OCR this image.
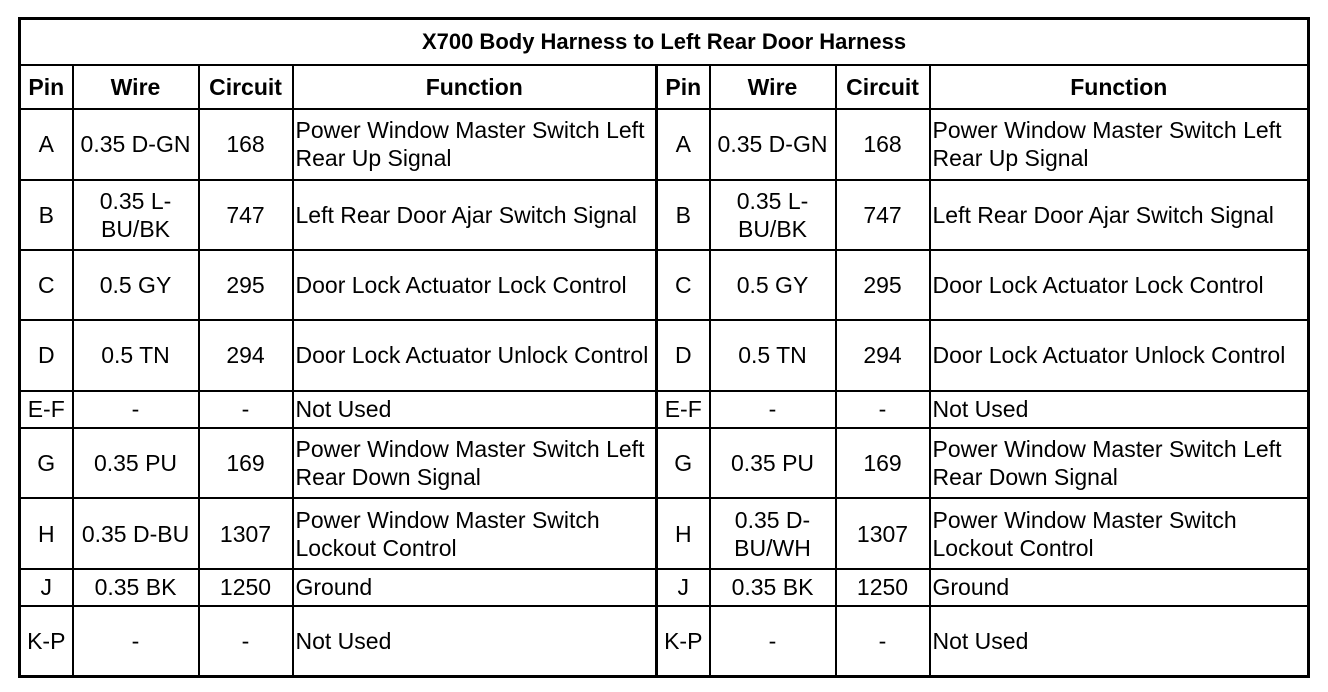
X700 Body Harness to Left Rear Door Harness							
Pin	Wire	Circuit	Function	Pin	Wire	Circuit	Function
A	0.35 D-GN	168	Power Window Master Switch Left Rear Up Signal	A	0.35 D-GN	168	Power Window Master Switch Left Rear Up Signal
B	0.35 L-BU/BK	747	Left Rear Door Ajar Switch Signal	B	0.35 L-BU/BK	747	Left Rear Door Ajar Switch Signal
C	0.5 GY	295	Door Lock Actuator Lock Control	C	0.5 GY	295	Door Lock Actuator Lock Control
D	0.5 TN	294	Door Lock Actuator Unlock Control	D	0.5 TN	294	Door Lock Actuator Unlock Control
E-F	-	-	Not Used	E-F	-	-	Not Used
G	0.35 PU	169	Power Window Master Switch Left Rear Down Signal	G	0.35 PU	169	Power Window Master Switch Left Rear Down Signal
H	0.35 D-BU	1307	Power Window Master Switch Lockout Control	H	0.35 D-BU/WH	1307	Power Window Master Switch Lockout Control
J	0.35 BK	1250	Ground	J	0.35 BK	1250	Ground
K-P	-	-	Not Used	K-P	-	-	Not Used
